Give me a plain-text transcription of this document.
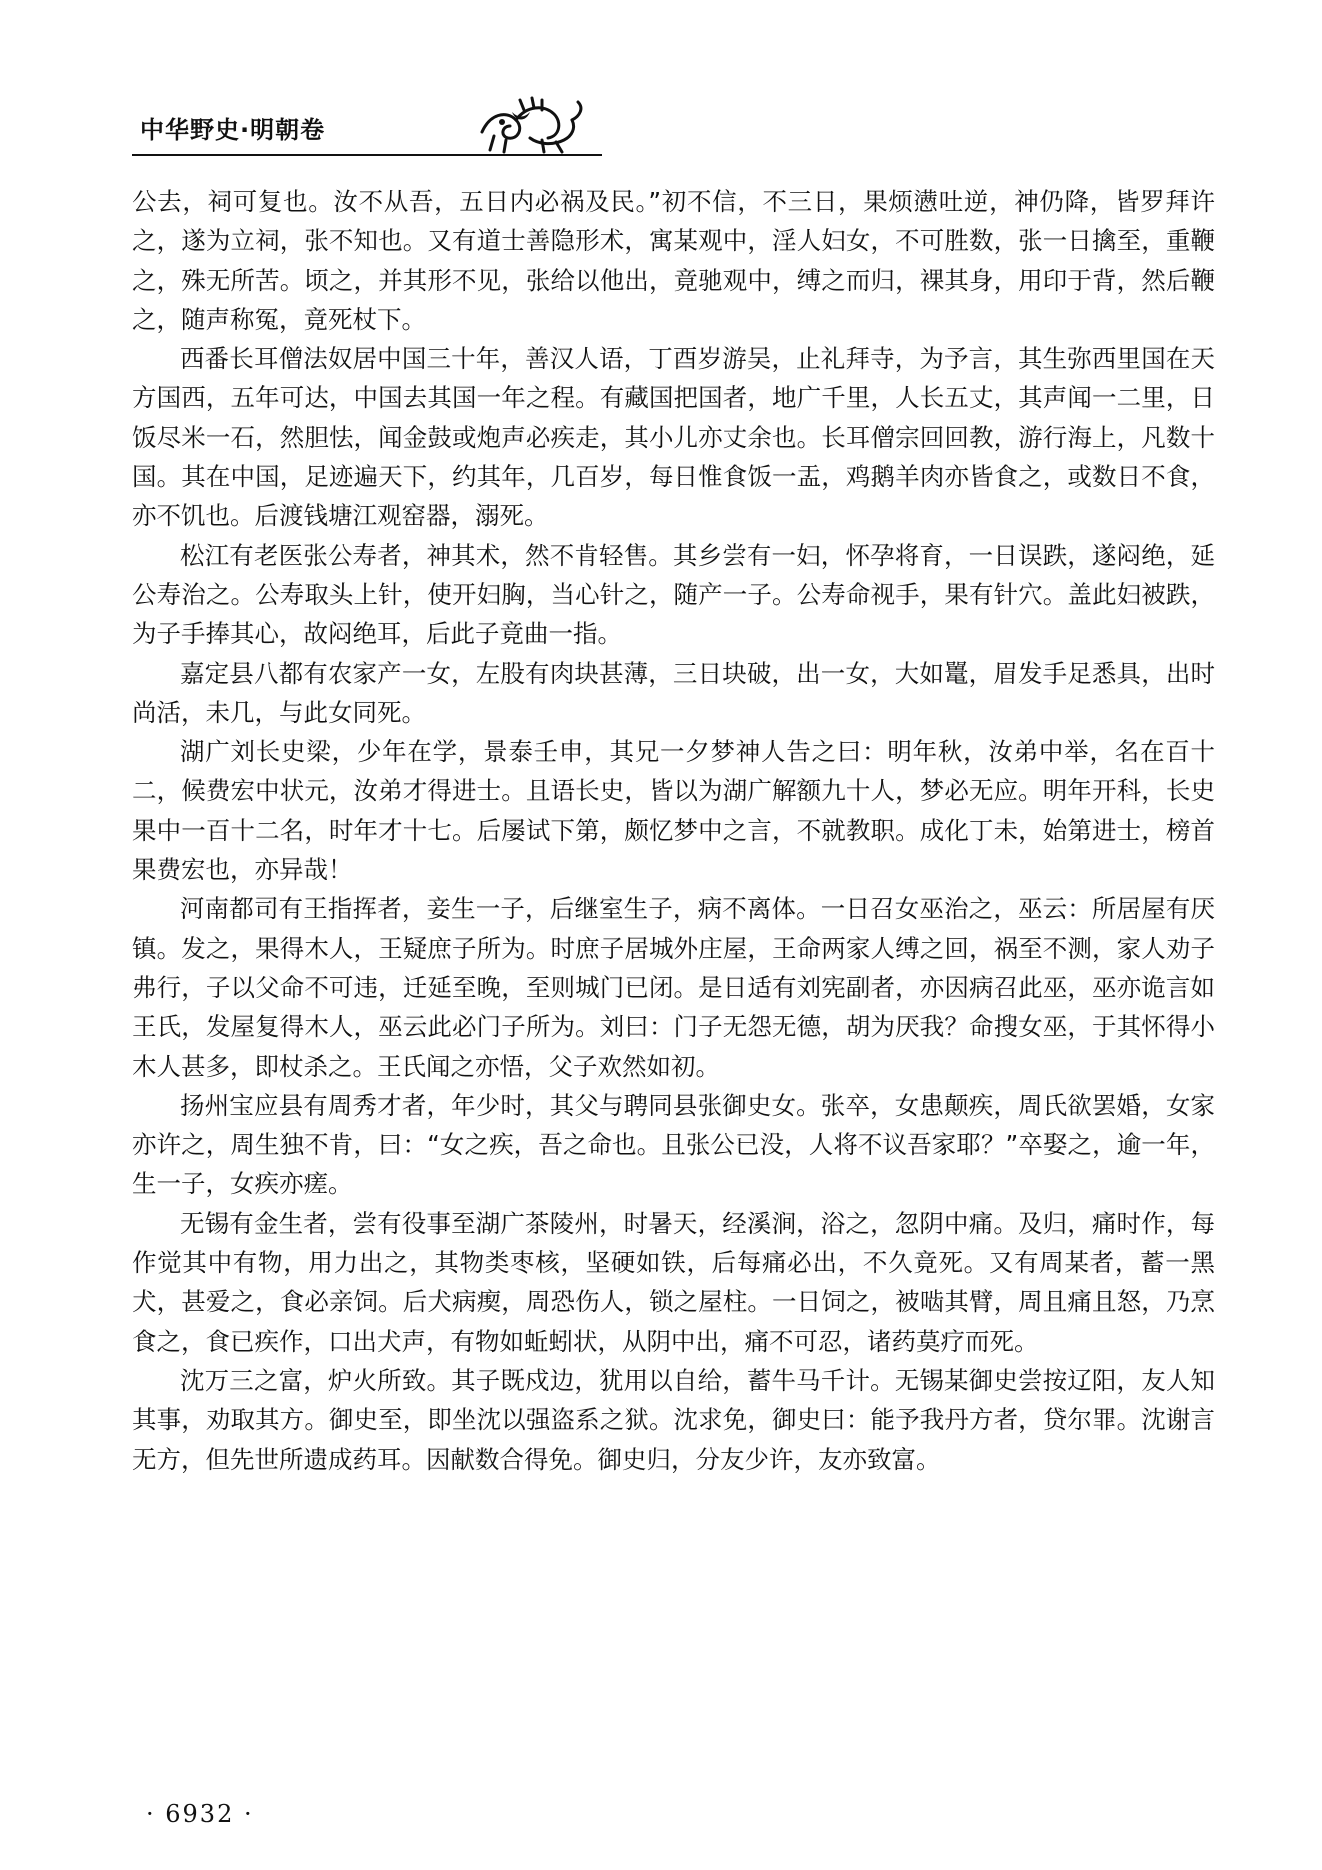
中华野史·明朝卷

公去，祠可复也。汝不从吾，五日内必祸及民。”初不信，不三日，果烦懑吐逆，神仍降，皆罗拜许之，遂为立祠，张不知也。又有道士善隐形术，寓某观中，淫人妇女，不可胜数，张一日擒至，重鞭之，殊无所苦。顷之，并其形不见，张给以他出，竟驰观中，缚之而归，裸其身，用印于背，然后鞭之，随声称冤，竟死杖下。

西番长耳僧法奴居中国三十年，善汉人语，丁酉岁游吴，止礼拜寺，为予言，其生弥西里国在天方国西，五年可达，中国去其国一年之程。有藏国把国者，地广千里，人长五丈，其声闻一二里，日饭尽米一石，然胆怯，闻金鼓或炮声必疾走，其小儿亦丈余也。长耳僧宗回回教，游行海上，凡数十国。其在中国，足迹遍天下，约其年，几百岁，每日惟食饭一盂，鸡鹅羊肉亦皆食之，或数日不食，亦不饥也。后渡钱塘江观窑器，溺死。

松江有老医张公寿者，神其术，然不肯轻售。其乡尝有一妇，怀孕将育，一日误跌，遂闷绝，延公寿治之。公寿取头上针，使开妇胸，当心针之，随产一子。公寿命视手，果有针穴。盖此妇被跌，为子手捧其心，故闷绝耳，后此子竟曲一指。

嘉定县八都有农家产一女，左股有肉块甚薄，三日块破，出一女，大如鼍，眉发手足悉具，出时尚活，未几，与此女同死。

湖广刘长史梁，少年在学，景泰壬申，其兄一夕梦神人告之曰：明年秋，汝弟中举，名在百十二，候费宏中状元，汝弟才得进士。且语长史，皆以为湖广解额九十人，梦必无应。明年开科，长史果中一百十二名，时年才十七。后屡试下第，颇忆梦中之言，不就教职。成化丁未，始第进士，榜首果费宏也，亦异哉！

河南都司有王指挥者，妾生一子，后继室生子，病不离体。一日召女巫治之，巫云：所居屋有厌镇。发之，果得木人，王疑庶子所为。时庶子居城外庄屋，王命两家人缚之回，祸至不测，家人劝子弗行，子以父命不可违，迁延至晚，至则城门已闭。是日适有刘宪副者，亦因病召此巫，巫亦诡言如王氏，发屋复得木人，巫云此必门子所为。刘曰：门子无怨无德，胡为厌我？命搜女巫，于其怀得小木人甚多，即杖杀之。王氏闻之亦悟，父子欢然如初。

扬州宝应县有周秀才者，年少时，其父与聘同县张御史女。张卒，女患颠疾，周氏欲罢婚，女家亦许之，周生独不肯，曰：“女之疾，吾之命也。且张公已没，人将不议吾家耶？”卒娶之，逾一年，生一子，女疾亦瘥。

无锡有金生者，尝有役事至湖广茶陵州，时暑天，经溪涧，浴之，忽阴中痛。及归，痛时作，每作觉其中有物，用力出之，其物类枣核，坚硬如铁，后每痛必出，不久竟死。又有周某者，蓄一黑犬，甚爱之，食必亲饲。后犬病瘈，周恐伤人，锁之屋柱。一日饲之，被啮其臂，周且痛且怒，乃烹食之，食已疾作，口出犬声，有物如蚯蚓状，从阴中出，痛不可忍，诸药莫疗而死。

沈万三之富，炉火所致。其子既戍边，犹用以自给，蓄牛马千计。无锡某御史尝按辽阳，友人知其事，劝取其方。御史至，即坐沈以强盗系之狱。沈求免，御史曰：能予我丹方者，贷尔罪。沈谢言无方，但先世所遗成药耳。因献数合得免。御史归，分友少许，友亦致富。

· 6932 ·
